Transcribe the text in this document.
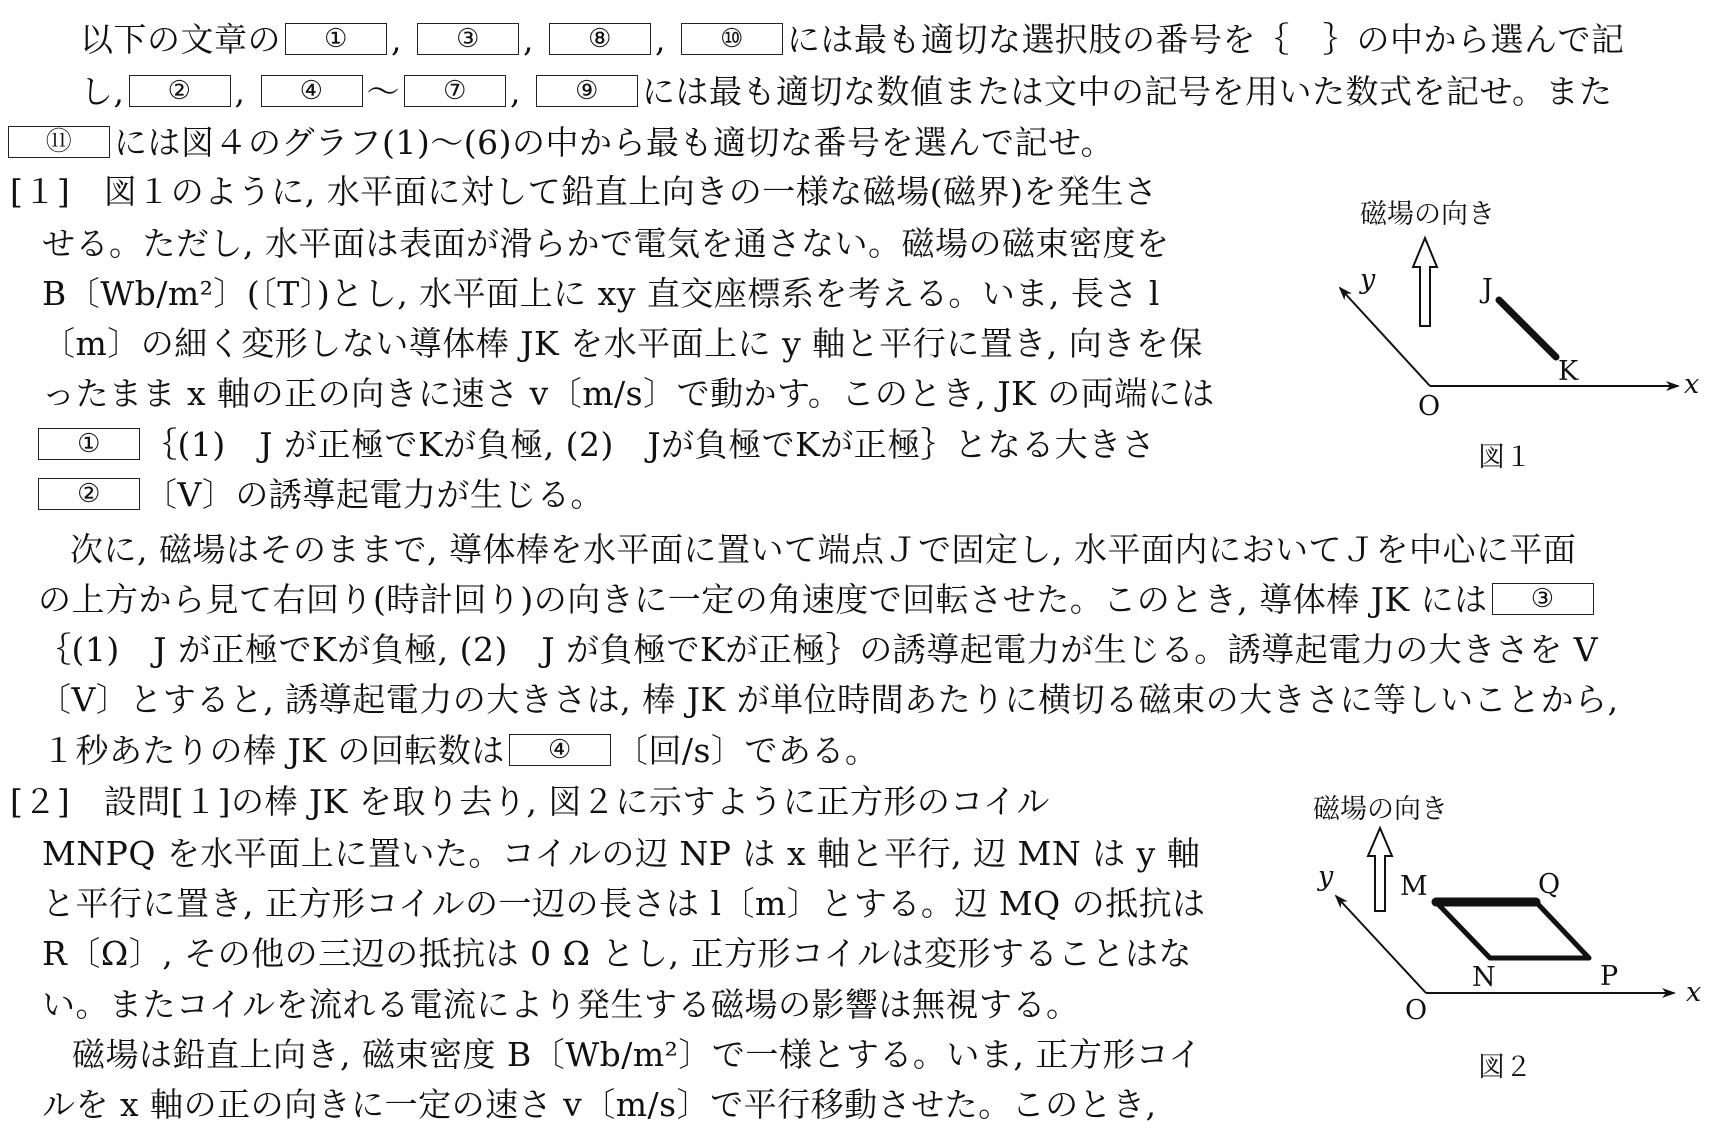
以下の文章の ① , ③ , ⑧ , ⑩ には最も適切な選択肢の番号を｛　｝の中から選んで記
し, ② , ④ ～ ⑦ , ⑨ には最も適切な数値または文中の記号を用いた数式を記せ。また
⑪ には図４のグラフ(1)～(6)の中から最も適切な番号を選んで記せ。
[１]　 図１のように, 水平面に対して鉛直上向きの一様な磁場(磁界)を発生さ
せる。ただし, 水平面は表面が滑らかで電気を通さない。磁場の磁束密度を
B〔Wb/m²〕(〔T〕)とし, 水平面上に xy 直交座標系を考える。いま, 長さ l
〔m〕の細く変形しない導体棒 JK を水平面上に y 軸と平行に置き, 向きを保
ったまま x 軸の正の向きに速さ v〔m/s〕で動かす。このとき, JK の両端には
① ｛(1)　J が正極でKが負極, (2)　Jが負極でKが正極｝となる大きさ
② 〔V〕の誘導起電力が生じる。
次に, 磁場はそのままで, 導体棒を水平面に置いて端点Ｊで固定し, 水平面内においてＪを中心に平面
の上方から見て右回り(時計回り)の向きに一定の角速度で回転させた。このとき, 導体棒 JK には ③
｛(1)　J が正極でKが負極, (2)　J が負極でKが正極｝の誘導起電力が生じる。誘導起電力の大きさを V
〔V〕とすると, 誘導起電力の大きさは, 棒 JK が単位時間あたりに横切る磁束の大きさに等しいことから,
１秒あたりの棒 JK の回転数は ④ 〔回/s〕である。
[２]　 設問[１]の棒 JK を取り去り, 図２に示すように正方形のコイル
MNPQ を水平面上に置いた。コイルの辺 NP は x 軸と平行, 辺 MN は y 軸
と平行に置き, 正方形コイルの一辺の長さは l〔m〕とする。辺 MQ の抵抗は
R〔Ω〕, その他の三辺の抵抗は 0 Ω とし, 正方形コイルは変形することはな
い。またコイルを流れる電流により発生する磁場の影響は無視する。
磁場は鉛直上向き, 磁束密度 B〔Wb/m²〕で一様とする。いま, 正方形コイ
ルを x 軸の正の向きに一定の速さ v〔m/s〕で平行移動させた。このとき,
磁場の向き
y	J
K
O
x
図１
図２
磁場の向き
y M	Q
N	P
O
x
